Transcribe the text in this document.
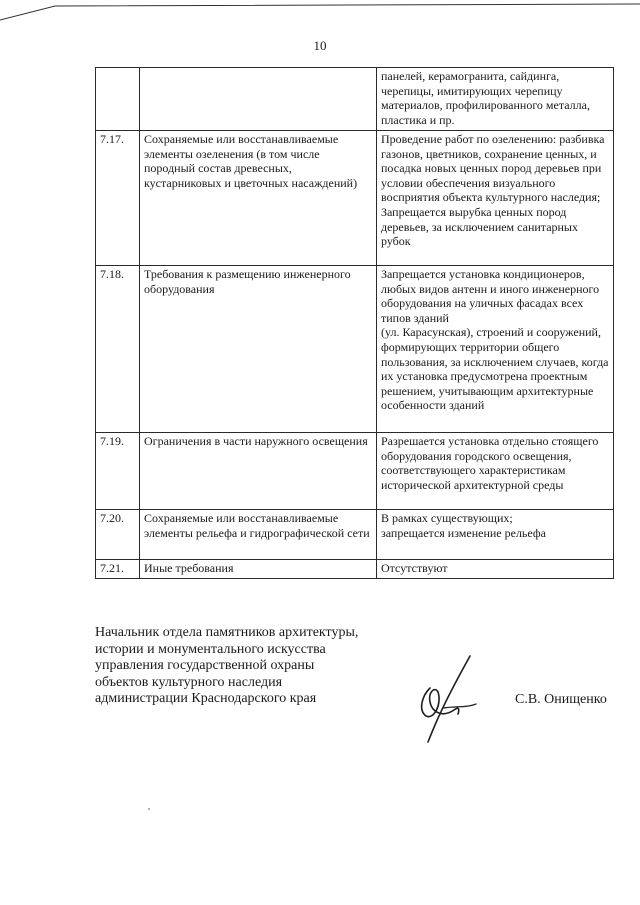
10
		панелей, керамогранита, сайдинга, черепицы, имитирующих черепицу материалов, профилированного металла, пластика и пр.
7.17.	Сохраняемые или восстанавливаемые элементы озеленения (в том числе породный состав древесных, кустарниковых и цветочных насаждений)	Проведение работ по озеленению: разбивка газонов, цветников, сохранение ценных, и посадка новых ценных пород деревьев при условии обеспечения визуального восприятия объекта культурного наследия;
Запрещается вырубка ценных пород деревьев, за исключением санитарных рубок
7.18.	Требования к размещению инженерного оборудования	Запрещается установка кондиционеров, любых видов антенн и иного инженерного оборудования на уличных фасадах всех типов зданий
(ул. Карасунская), строений и сооружений, формирующих территории общего пользования, за исключением случаев, когда их установка предусмотрена проектным решением, учитывающим архитектурные особенности зданий
7.19.	Ограничения в части наружного освещения	Разрешается установка отдельно стоящего оборудования городского освещения, соответствующего характеристикам исторической архитектурной среды
7.20.	Сохраняемые или восстанавливаемые элементы рельефа и гидрографической сети	В рамках существующих;
запрещается изменение рельефа
7.21.	Иные требования	Отсутствуют
Начальник отдела памятников архитектуры,
истории и монументального искусства
управления государственной охраны
объектов культурного наследия
администрации Краснодарского края	С.В. Онищенко
